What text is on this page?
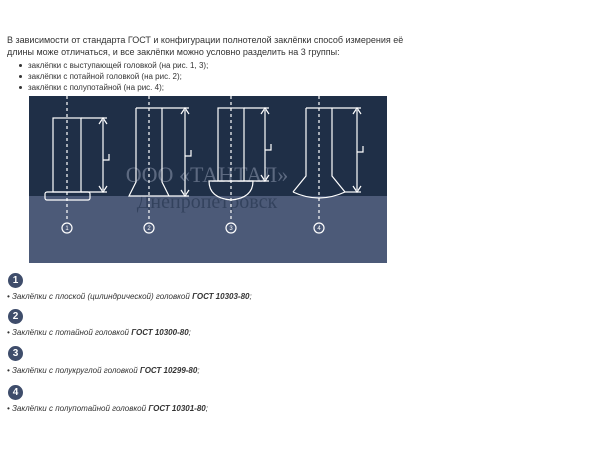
В зависимости от стандарта ГОСТ и конфигурации полнотелой заклёпки способ измерения её длины може отличаться, и все заклёпки можно условно разделить на 3 группы:

заклёпки с выступающей головкой (на рис. 1, 3);
заклёпки с потайной головкой (на рис. 2);
заклёпки с полупотайной (на рис. 4);
ООО «ТАНТАЛ»
Днепропетровск
1	2	3	4
1
• Заклёпки с плоской (цилиндрической) головкой ГОСТ 10303-80;
2
• Заклёпки с потайной головкой ГОСТ 10300-80;
3
• Заклёпки с полукруглой головкой ГОСТ 10299-80;
4
• Заклёпки с полупотайной головкой ГОСТ 10301-80;
